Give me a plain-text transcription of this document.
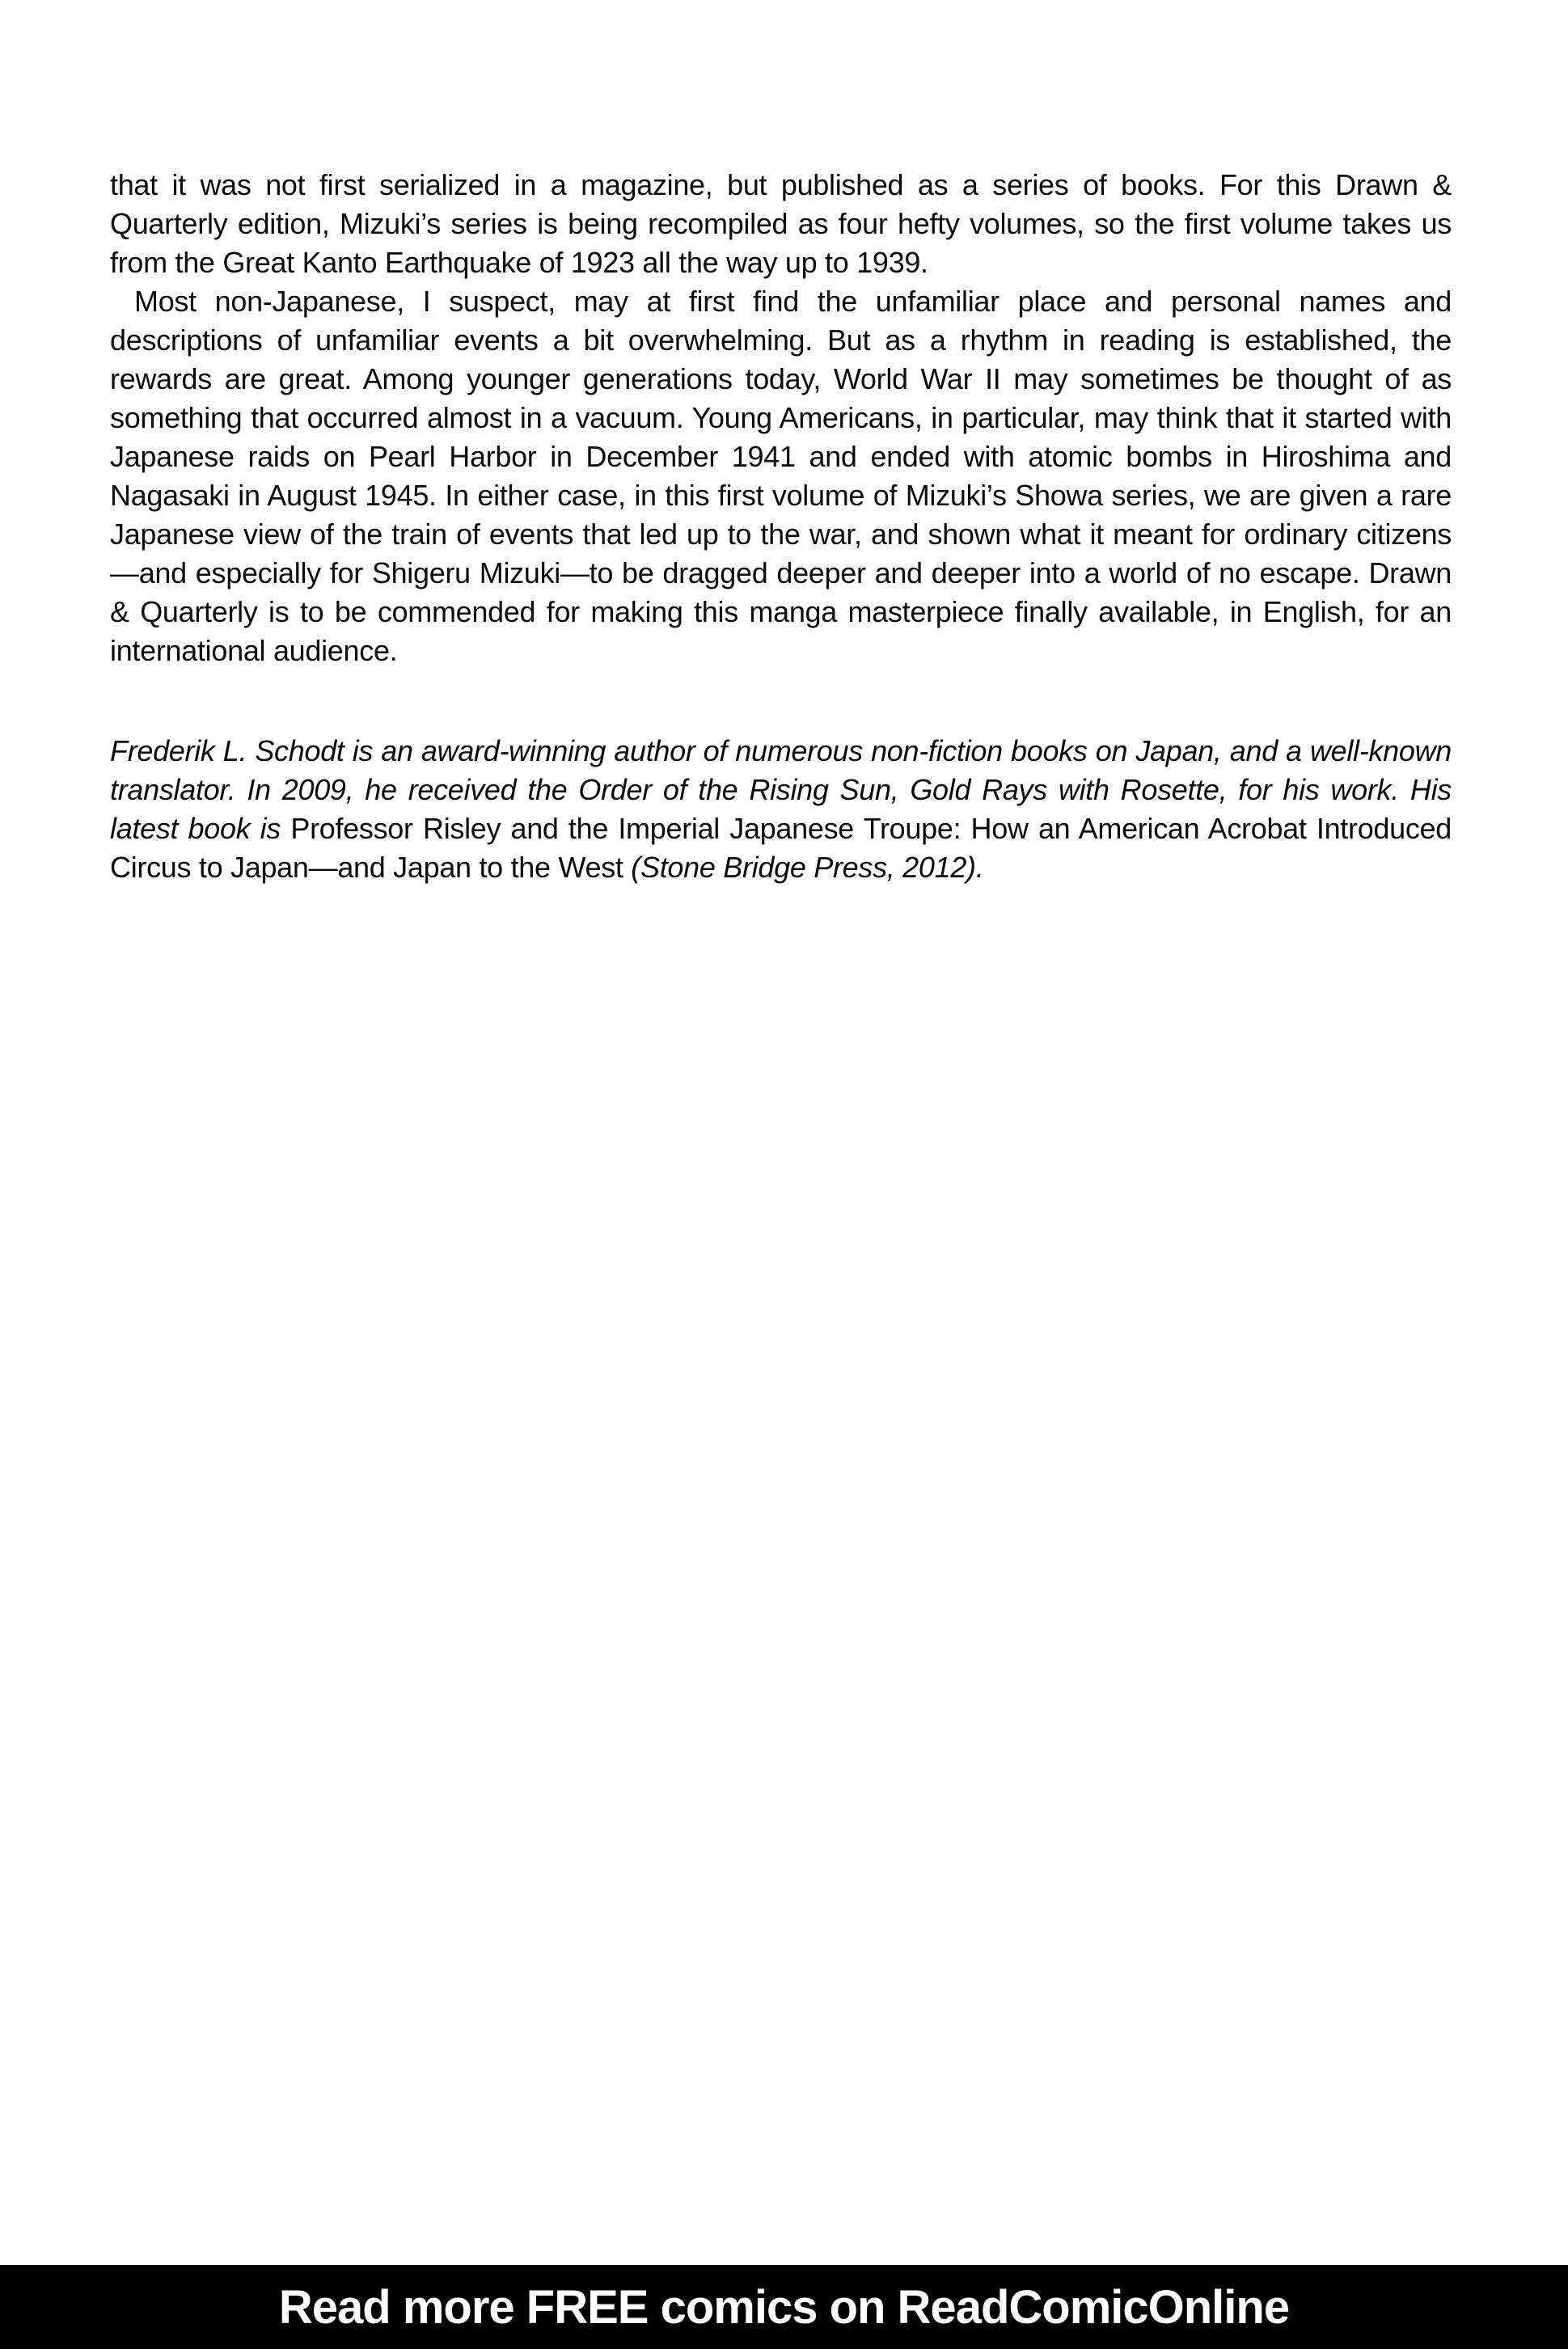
that it was not first serialized in a magazine, but published as a series of books. For this Drawn & Quarterly edition, Mizuki’s series is being recompiled as four hefty volumes, so the first volume takes us from the Great Kanto Earthquake of 1923 all the way up to 1939.

Most non-Japanese, I suspect, may at first find the unfamiliar place and personal names and descriptions of unfamiliar events a bit overwhelming. But as a rhythm in reading is established, the rewards are great. Among younger generations today, World War II may sometimes be thought of as something that occurred almost in a vacuum. Young Americans, in particular, may think that it started with Japanese raids on Pearl Harbor in December 1941 and ended with atomic bombs in Hiroshima and Nagasaki in August 1945. In either case, in this first volume of Mizuki’s Showa series, we are given a rare Japanese view of the train of events that led up to the war, and shown what it meant for ordinary citizens—and especially for Shigeru Mizuki—to be dragged deeper and deeper into a world of no escape. Drawn & Quarterly is to be commended for making this manga masterpiece finally available, in English, for an international audience.

Frederik L. Schodt is an award-winning author of numerous non-fiction books on Japan, and a well-known translator. In 2009, he received the Order of the Rising Sun, Gold Rays with Rosette, for his work. His latest book is Professor Risley and the Imperial Japanese Troupe: How an American Acrobat Introduced Circus to Japan—and Japan to the West (Stone Bridge Press, 2012).

Read more FREE comics on ReadComicOnline
